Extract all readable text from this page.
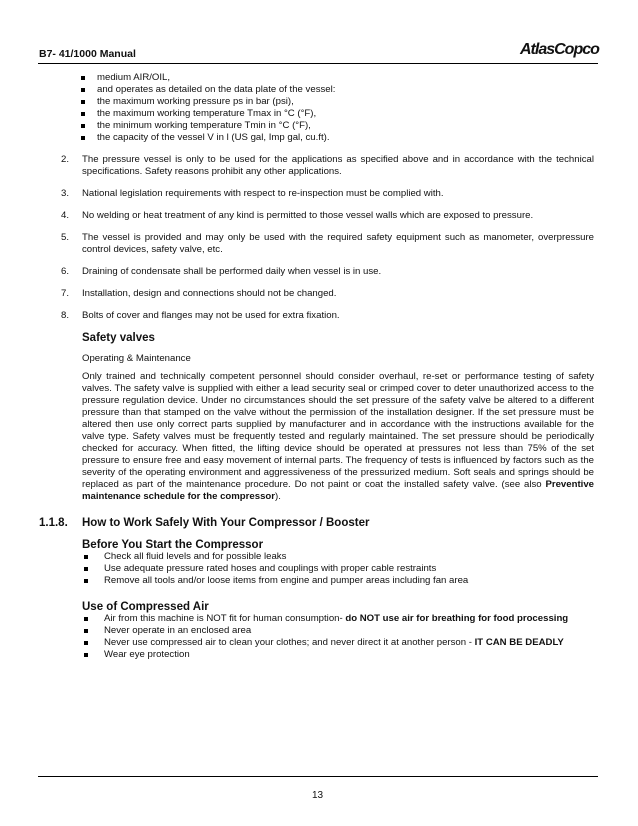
B7- 41/1000 Manual	AtlasCopco
medium AIR/OIL,
and operates as detailed on the data plate of the vessel:
the maximum working pressure ps in bar (psi),
the maximum working temperature Tmax in °C (°F),
the minimum working temperature Tmin in °C (°F),
the capacity of the vessel V in l (US gal, Imp gal, cu.ft).
2. The pressure vessel is only to be used for the applications as specified above and in accordance with the technical specifications. Safety reasons prohibit any other applications.
3. National legislation requirements with respect to re-inspection must be complied with.
4. No welding or heat treatment of any kind is permitted to those vessel walls which are exposed to pressure.
5. The vessel is provided and may only be used with the required safety equipment such as manometer, overpressure control devices, safety valve, etc.
6. Draining of condensate shall be performed daily when vessel is in use.
7. Installation, design and connections should not be changed.
8. Bolts of cover and flanges may not be used for extra fixation.
Safety valves
Operating & Maintenance
Only trained and technically competent personnel should consider overhaul, re-set or performance testing of safety valves. The safety valve is supplied with either a lead security seal or crimped cover to deter unauthorized access to the pressure regulation device. Under no circumstances should the set pressure of the safety valve be altered to a different pressure than that stamped on the valve without the permission of the installation designer. If the set pressure must be altered then use only correct parts supplied by manufacturer and in accordance with the instructions available for the valve type. Safety valves must be frequently tested and regularly maintained. The set pressure should be periodically checked for accuracy. When fitted, the lifting device should be operated at pressures not less than 75% of the set pressure to ensure free and easy movement of internal parts. The frequency of tests is influenced by factors such as the severity of the operating environment and aggressiveness of the pressurized medium. Soft seals and springs should be replaced as part of the maintenance procedure. Do not paint or coat the installed safety valve. (see also Preventive maintenance schedule for the compressor).
1.1.8. How to Work Safely With Your Compressor / Booster
Before You Start the Compressor
Check all fluid levels and for possible leaks
Use adequate pressure rated hoses and couplings with proper cable restraints
Remove all tools and/or loose items from engine and pumper areas including fan area
Use of Compressed Air
Air from this machine is NOT fit for human consumption- do NOT use air for breathing for food processing
Never operate in an enclosed area
Never use compressed air to clean your clothes; and never direct it at another person - IT CAN BE DEADLY
Wear eye protection
13
